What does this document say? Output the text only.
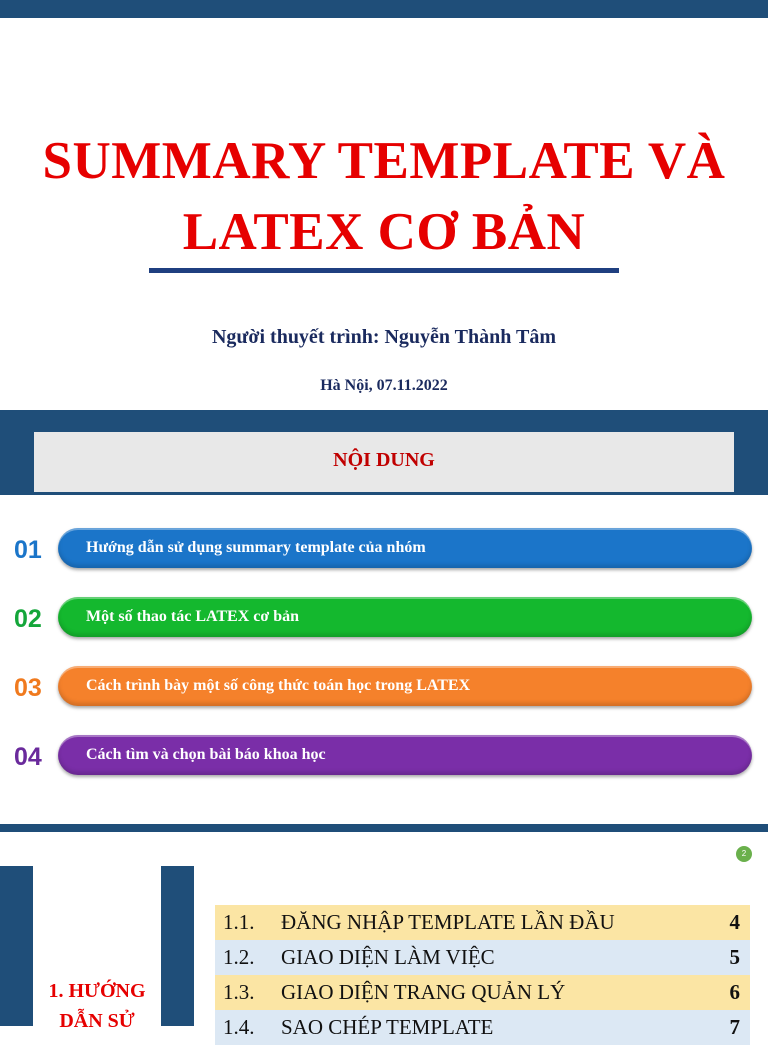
SUMMARY TEMPLATE VÀ
LATEX CƠ BẢN
Người thuyết trình: Nguyễn Thành Tâm
Hà Nội, 07.11.2022
NỘI DUNG
01	Hướng dẫn sử dụng summary template của nhóm
02	Một số thao tác LATEX cơ bản
03	Cách trình bày một số công thức toán học trong LATEX
04	Cách tìm và chọn bài báo khoa học
2
1. HƯỚNG
DẪN SỬ
1.1. ĐĂNG NHẬP TEMPLATE LẦN ĐẦU	4
1.2. GIAO DIỆN LÀM VIỆC	5
1.3. GIAO DIỆN TRANG QUẢN LÝ	6
1.4. SAO CHÉP TEMPLATE	7
